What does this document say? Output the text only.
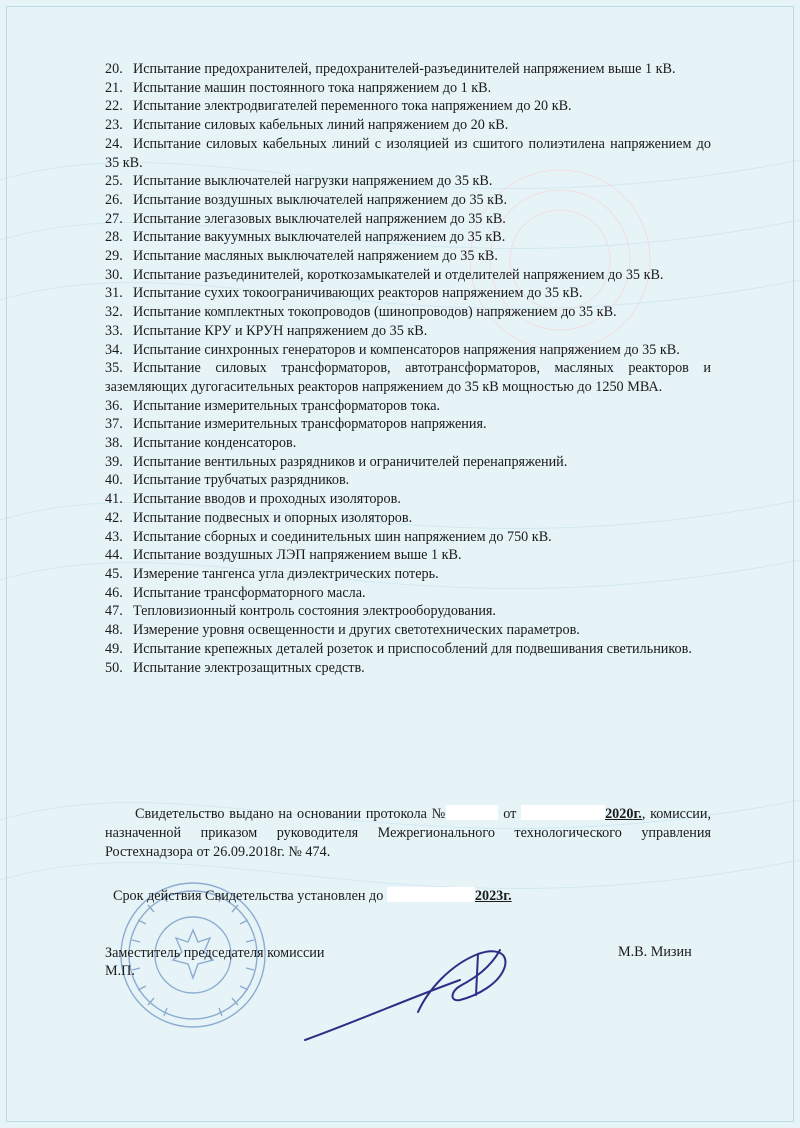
20. Испытание предохранителей, предохранителей-разъединителей напряжением выше 1 кВ.
21. Испытание машин постоянного тока напряжением до 1 кВ.
22. Испытание электродвигателей переменного тока напряжением до 20 кВ.
23. Испытание силовых кабельных линий напряжением до 20 кВ.
24. Испытание силовых кабельных линий с изоляцией из сшитого полиэтилена напряжением до 35 кВ.
25. Испытание выключателей нагрузки напряжением до 35 кВ.
26. Испытание воздушных выключателей напряжением до 35 кВ.
27. Испытание элегазовых выключателей напряжением до 35 кВ.
28. Испытание вакуумных выключателей напряжением до 35 кВ.
29. Испытание масляных выключателей напряжением до 35 кВ.
30. Испытание разъединителей, короткозамыкателей и отделителей напряжением до 35 кВ.
31. Испытание сухих токоограничивающих реакторов напряжением до 35 кВ.
32. Испытание комплектных токопроводов (шинопроводов) напряжением до 35 кВ.
33. Испытание КРУ и КРУН напряжением до 35 кВ.
34. Испытание синхронных генераторов и компенсаторов напряжения напряжением до 35 кВ.
35. Испытание силовых трансформаторов, автотрансформаторов, масляных реакторов и заземляющих дугогасительных реакторов напряжением до 35 кВ мощностью до 1250 МВА.
36. Испытание измерительных трансформаторов тока.
37. Испытание измерительных трансформаторов напряжения.
38. Испытание конденсаторов.
39. Испытание вентильных разрядников и ограничителей перенапряжений.
40. Испытание трубчатых разрядников.
41. Испытание вводов и проходных изоляторов.
42. Испытание подвесных и опорных изоляторов.
43. Испытание сборных и соединительных шин напряжением до 750 кВ.
44. Испытание воздушных ЛЭП напряжением выше 1 кВ.
45. Измерение тангенса угла диэлектрических потерь.
46. Испытание трансформаторного масла.
47. Тепловизионный контроль состояния электрооборудования.
48. Измерение уровня освещенности и других светотехнических параметров.
49. Испытание крепежных деталей розеток и приспособлений для подвешивания светильников.
50. Испытание электрозащитных средств.
Свидетельство выдано на основании протокола №	от	2020г., комиссии, назначенной приказом руководителя Межрегионального технологического управления Ростехнадзора от 26.09.2018г. № 474.
Срок действия Свидетельства установлен до	2023г.
Заместитель председателя комиссии
М.П.
М.В. Мизин
